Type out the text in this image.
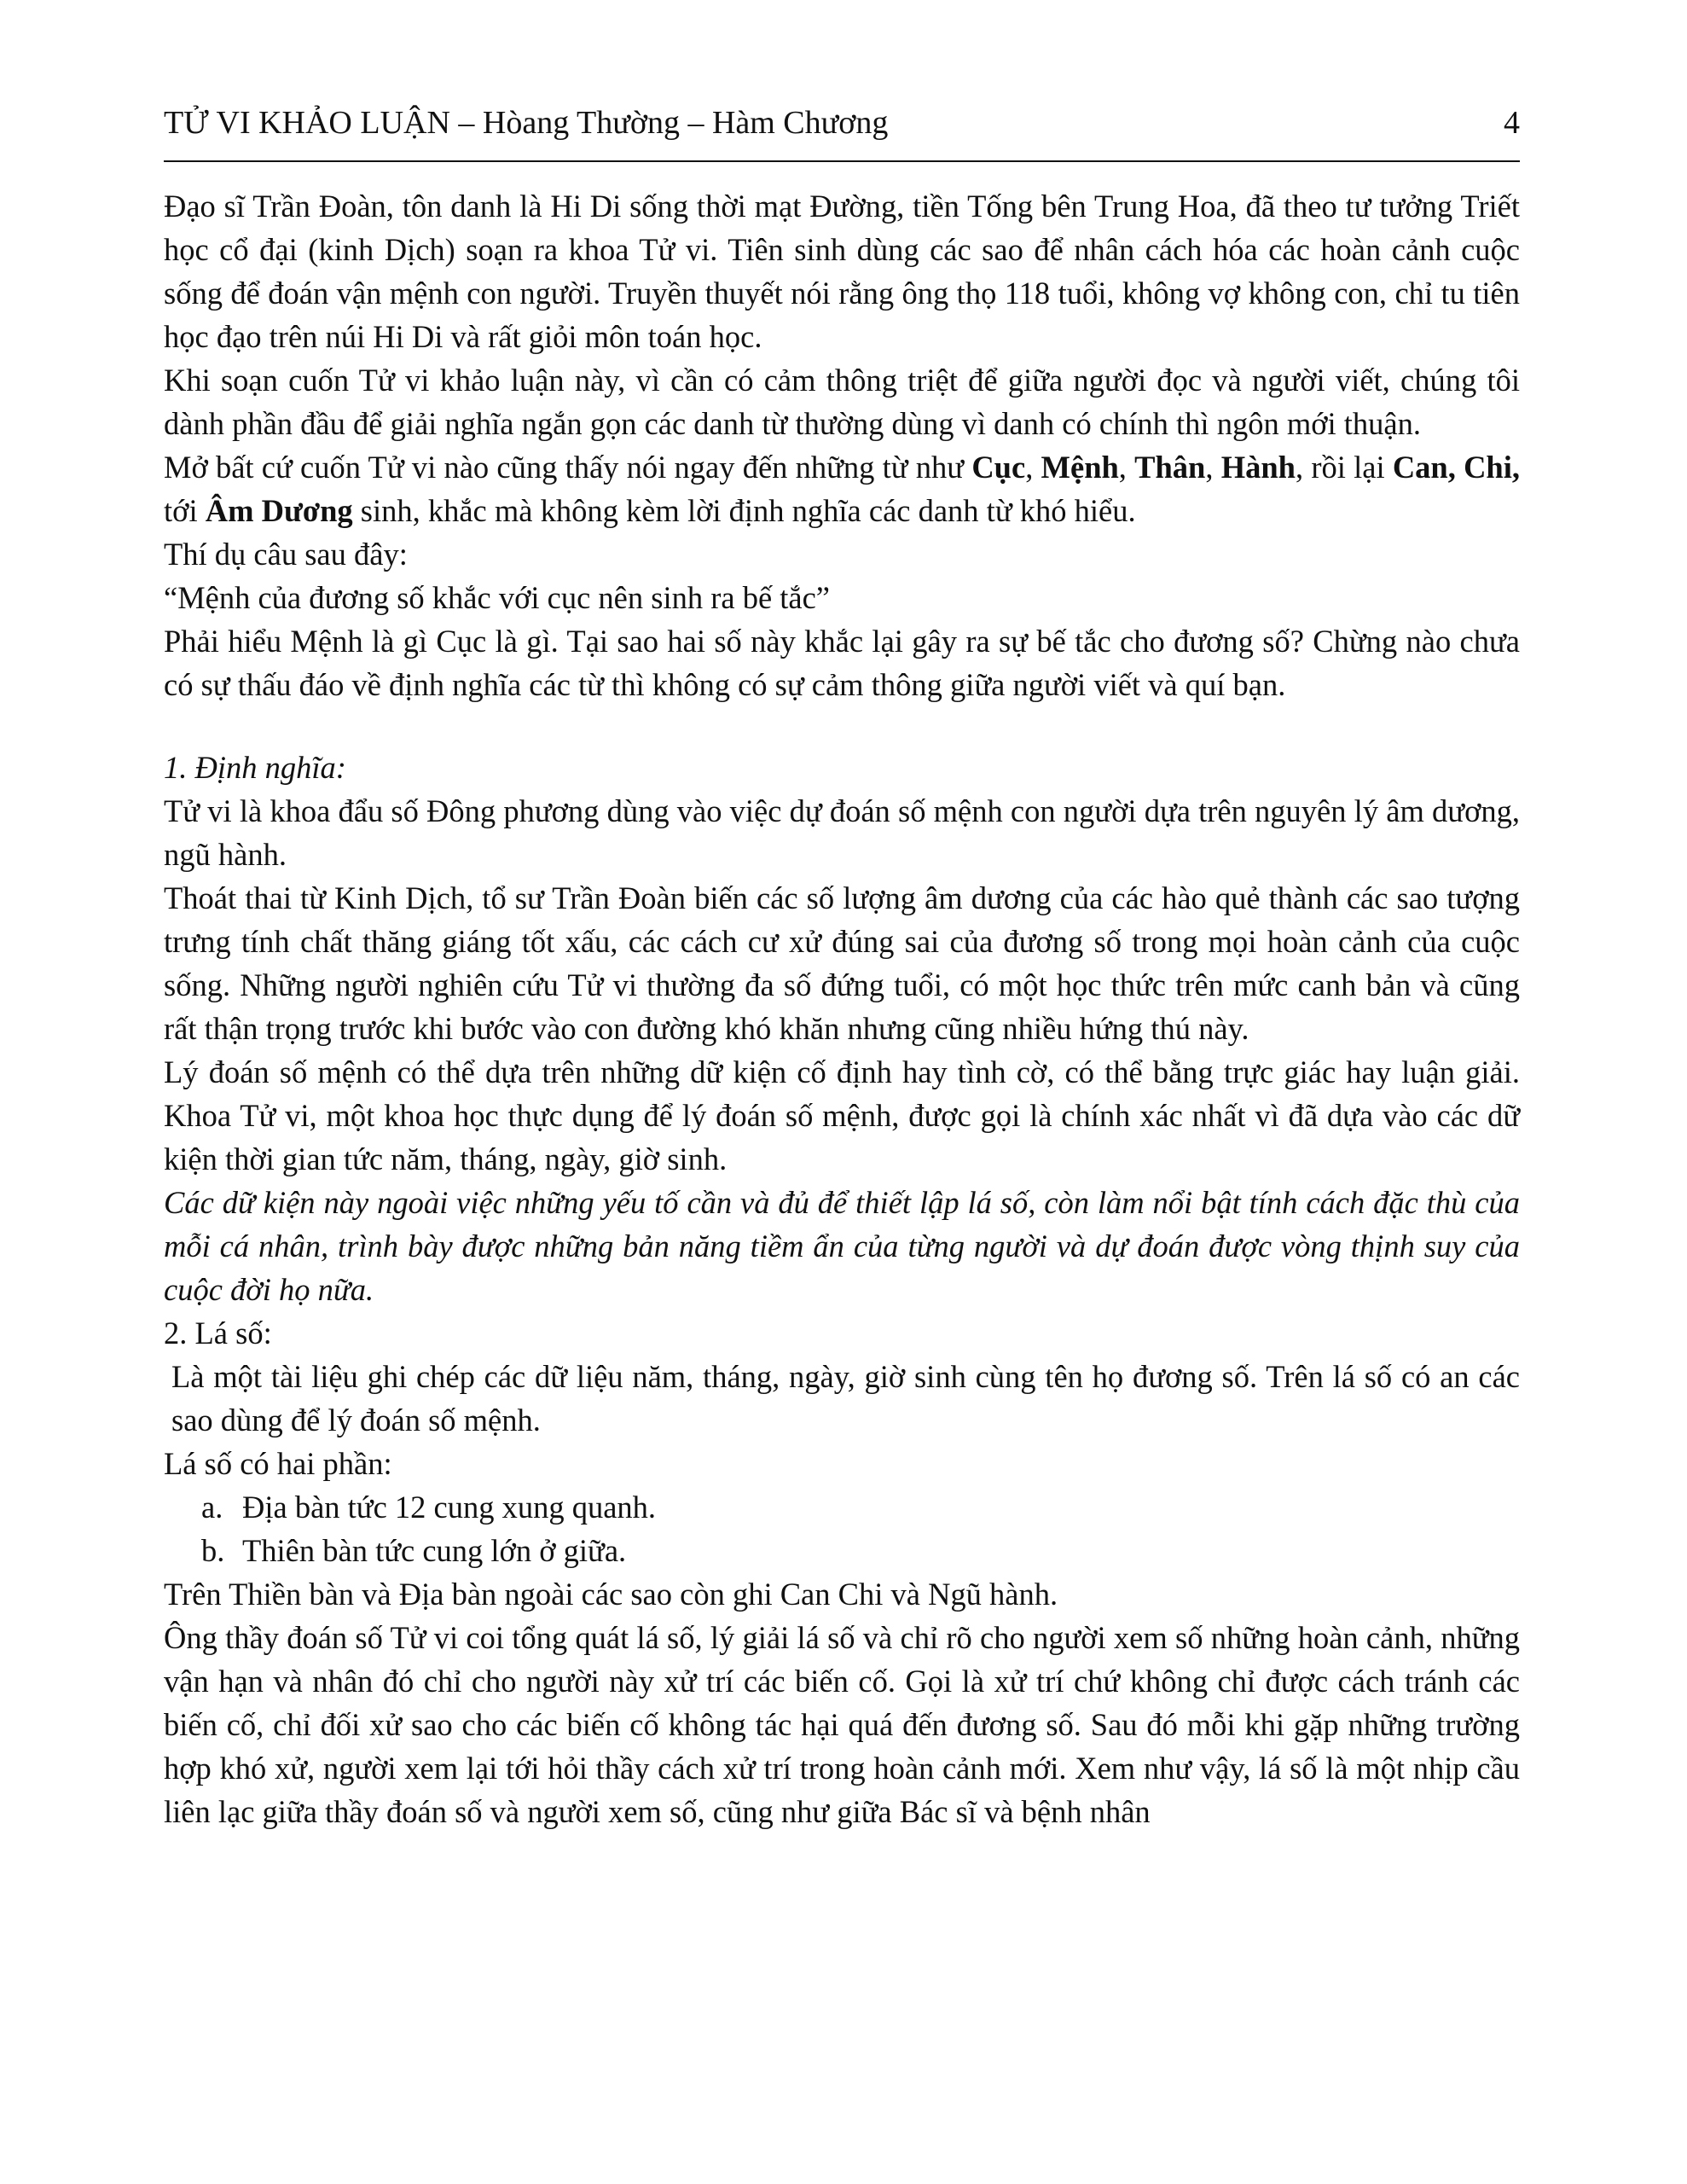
TỬ VI KHẢO LUẬN – Hòang Thường – Hàm Chương	4

Đạo sĩ Trần Đoàn, tôn danh là Hi Di sống thời mạt Đường, tiền Tống bên Trung Hoa, đã theo tư tưởng Triết học cổ đại (kinh Dịch) soạn ra khoa Tử vi. Tiên sinh dùng các sao để nhân cách hóa các hoàn cảnh cuộc sống để đoán vận mệnh con người. Truyền thuyết nói rằng ông thọ 118 tuổi, không vợ không con, chỉ tu tiên học đạo trên núi Hi Di và rất giỏi môn toán học.

Khi soạn cuốn Tử vi khảo luận này, vì cần có cảm thông triệt để giữa người đọc và người viết, chúng tôi dành phần đầu để giải nghĩa ngắn gọn các danh từ thường dùng vì danh có chính thì ngôn mới thuận.

Mở bất cứ cuốn Tử vi nào cũng thấy nói ngay đến những từ như Cục, Mệnh, Thân, Hành, rồi lại Can, Chi, tới Âm Dương sinh, khắc mà không kèm lời định nghĩa các danh từ khó hiểu.

Thí dụ câu sau đây:

“Mệnh của đương số khắc với cục nên sinh ra bế tắc”

Phải hiểu Mệnh là gì Cục là gì. Tại sao hai số này khắc lại gây ra sự bế tắc cho đương số? Chừng nào chưa có sự thấu đáo về định nghĩa các từ thì không có sự cảm thông giữa người viết và quí bạn.

1. Định nghĩa:

Tử vi là khoa đẩu số Đông phương dùng vào việc dự đoán số mệnh con người dựa trên nguyên lý âm dương, ngũ hành.

Thoát thai từ Kinh Dịch, tổ sư Trần Đoàn biến các số lượng âm dương của các hào quẻ thành các sao tượng trưng tính chất thăng giáng tốt xấu, các cách cư xử đúng sai của đương số trong mọi hoàn cảnh của cuộc sống. Những người nghiên cứu Tử vi thường đa số đứng tuổi, có một học thức trên mức canh bản và cũng rất thận trọng trước khi bước vào con đường khó khăn nhưng cũng nhiều hứng thú này.

Lý đoán số mệnh có thể dựa trên những dữ kiện cố định hay tình cờ, có thể bằng trực giác hay luận giải. Khoa Tử vi, một khoa học thực dụng để lý đoán số mệnh, được gọi là chính xác nhất vì đã dựa vào các dữ kiện thời gian tức năm, tháng, ngày, giờ sinh.

Các dữ kiện này ngoài việc những yếu tố cần và đủ để thiết lập lá số, còn làm nổi bật tính cách đặc thù của mỗi cá nhân, trình bày được những bản năng tiềm ẩn của từng người và dự đoán được vòng thịnh suy của cuộc đời họ nữa.

2. Lá số:

Là một tài liệu ghi chép các dữ liệu năm, tháng, ngày, giờ sinh cùng tên họ đương số. Trên lá số có an các sao dùng để lý đoán số mệnh.

Lá số có hai phần:

a. Địa bàn tức 12 cung xung quanh.
b. Thiên bàn tức cung lớn ở giữa.

Trên Thiền bàn và Địa bàn ngoài các sao còn ghi Can Chi và Ngũ hành.

Ông thầy đoán số Tử vi coi tổng quát lá số, lý giải lá số và chỉ rõ cho người xem số những hoàn cảnh, những vận hạn và nhân đó chỉ cho người này xử trí các biến cố. Gọi là xử trí chứ không chỉ được cách tránh các biến cố, chỉ đối xử sao cho các biến cố không tác hại quá đến đương số. Sau đó mỗi khi gặp những trường hợp khó xử, người xem lại tới hỏi thầy cách xử trí trong hoàn cảnh mới. Xem như vậy, lá số là một nhịp cầu liên lạc giữa thầy đoán số và người xem số, cũng như giữa Bác sĩ và bệnh nhân
